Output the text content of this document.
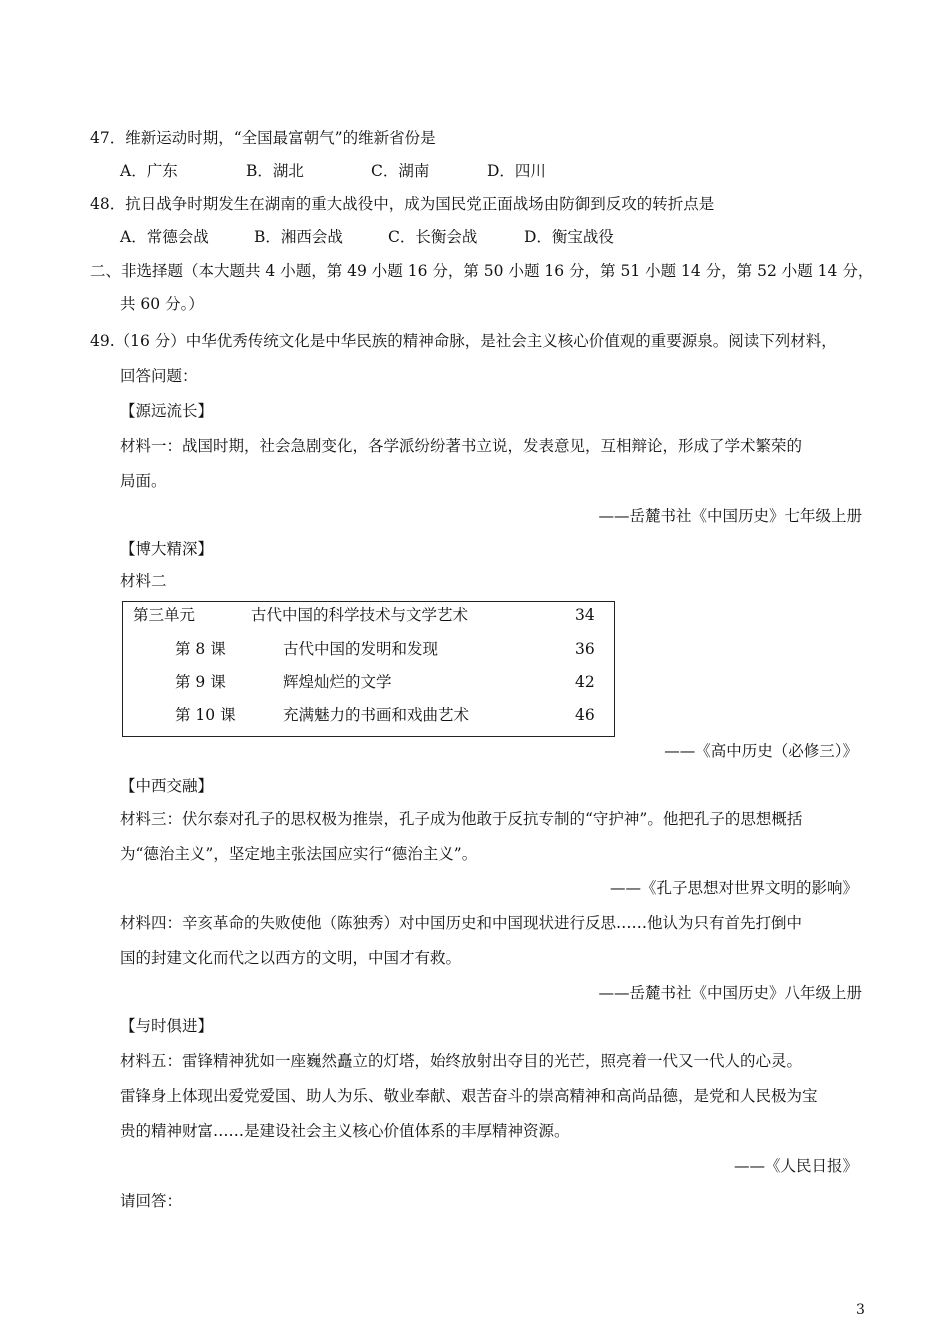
47．维新运动时期，“全国最富朝气”的维新省份是
A．广东	B．湖北	C．湖南	D．四川
48．抗日战争时期发生在湖南的重大战役中，成为国民党正面战场由防御到反攻的转折点是
A．常德会战	B．湘西会战	C．长衡会战	D．衡宝战役
二、非选择题（本大题共 4 小题，第 49 小题 16 分，第 50 小题 16 分，第 51 小题 14 分，第 52 小题 14 分，
共 60 分。）
49.（16 分）中华优秀传统文化是中华民族的精神命脉，是社会主义核心价值观的重要源泉。阅读下列材料，
回答问题：
【源远流长】
材料一：战国时期，社会急剧变化，各学派纷纷著书立说，发表意见，互相辩论，形成了学术繁荣的
局面。
——岳麓书社《中国历史》七年级上册
【博大精深】
材料二
第三单元	古代中国的科学技术与文学艺术	34
第 8 课	古代中国的发明和发现	36
第 9 课	辉煌灿烂的文学	42
第 10 课	充满魅力的书画和戏曲艺术	46
——《高中历史（必修三）》
【中西交融】
材料三：伏尔泰对孔子的思权极为推崇，孔子成为他敢于反抗专制的“守护神”。他把孔子的思想概括
为“德治主义”，坚定地主张法国应实行“德治主义”。
——《孔子思想对世界文明的影响》
材料四：辛亥革命的失败使他（陈独秀）对中国历史和中国现状进行反思……他认为只有首先打倒中
国的封建文化而代之以西方的文明，中国才有救。
——岳麓书社《中国历史》八年级上册
【与时俱进】
材料五：雷锋精神犹如一座巍然矗立的灯塔，始终放射出夺目的光芒，照亮着一代又一代人的心灵。
雷锋身上体现出爱党爱国、助人为乐、敬业奉献、艰苦奋斗的崇高精神和高尚品德，是党和人民极为宝
贵的精神财富……是建设社会主义核心价值体系的丰厚精神资源。
——《人民日报》
请回答：
3
